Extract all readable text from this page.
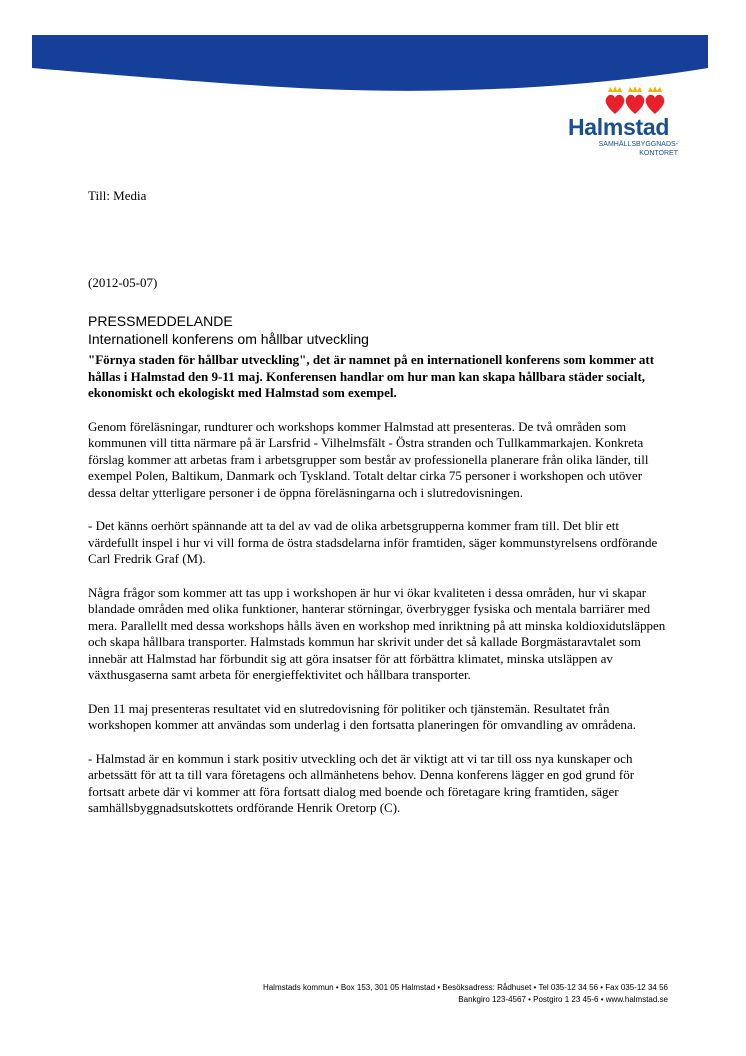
Halmstad
SAMHÄLLSBYGGNADS-
KONTORET
Till: Media
(2012-05-07)
PRESSMEDDELANDE
Internationell konferens om hållbar utveckling

"Förnya staden för hållbar utveckling", det är namnet på en internationell konferens som kommer att hållas i Halmstad den 9-11 maj. Konferensen handlar om hur man kan skapa hållbara städer socialt, ekonomiskt och ekologiskt med Halmstad som exempel.

Genom föreläsningar, rundturer och workshops kommer Halmstad att presenteras. De två områden som kommunen vill titta närmare på är Larsfrid - Vilhelmsfält - Östra stranden och Tullkammarkajen. Konkreta förslag kommer att arbetas fram i arbetsgrupper som består av professionella planerare från olika länder, till exempel Polen, Baltikum, Danmark och Tyskland. Totalt deltar cirka 75 personer i workshopen och utöver dessa deltar ytterligare personer i de öppna föreläsningarna och i slutredovisningen.

- Det känns oerhört spännande att ta del av vad de olika arbetsgrupperna kommer fram till. Det blir ett värdefullt inspel i hur vi vill forma de östra stadsdelarna inför framtiden, säger kommunstyrelsens ordförande Carl Fredrik Graf (M).

Några frågor som kommer att tas upp i workshopen är hur vi ökar kvaliteten i dessa områden, hur vi skapar blandade områden med olika funktioner, hanterar störningar, överbrygger fysiska och mentala barriärer med mera. Parallellt med dessa workshops hålls även en workshop med inriktning på att minska koldioxidutsläppen och skapa hållbara transporter. Halmstads kommun har skrivit under det så kallade Borgmästaravtalet som innebär att Halmstad har förbundit sig att göra insatser för att förbättra klimatet, minska utsläppen av växthusgaserna samt arbeta för energieffektivitet och hållbara transporter.

Den 11 maj presenteras resultatet vid en slutredovisning för politiker och tjänstemän. Resultatet från workshopen kommer att användas som underlag i den fortsatta planeringen för omvandling av områdena.

- Halmstad är en kommun i stark positiv utveckling och det är viktigt att vi tar till oss nya kunskaper och arbetssätt för att ta till vara företagens och allmänhetens behov. Denna konferens lägger en god grund för fortsatt arbete där vi kommer att föra fortsatt dialog med boende och företagare kring framtiden, säger samhällsbyggnadsutskottets ordförande Henrik Oretorp (C).

Halmstads kommun • Box 153, 301 05 Halmstad • Besöksadress: Rådhuset • Tel 035-12 34 56 • Fax 035-12 34 56
Bankgiro 123-4567 • Postgiro 1 23 45-6 • www.halmstad.se
